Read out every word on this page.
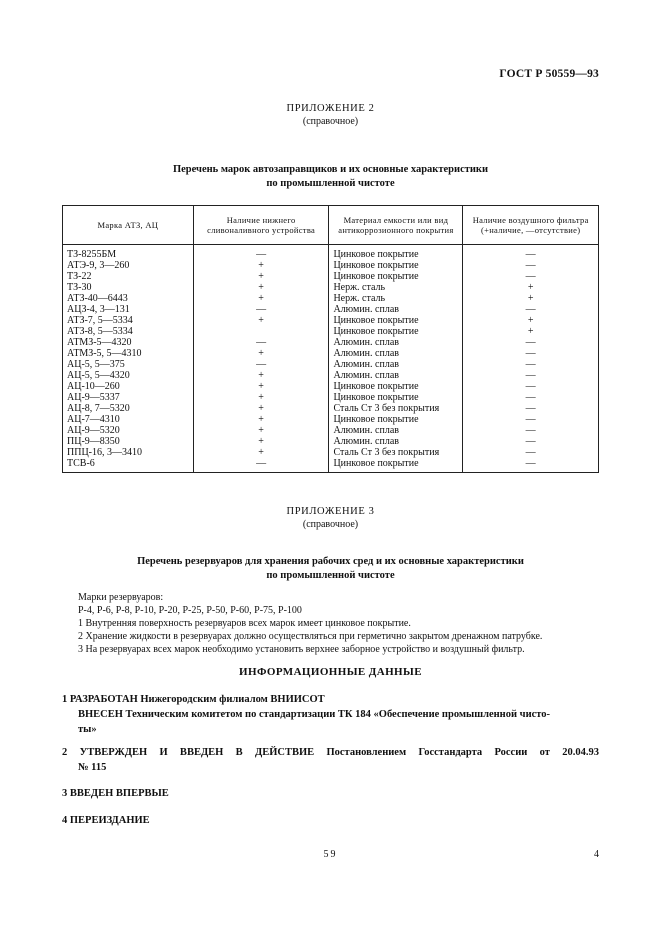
ГОСТ Р 50559—93
ПРИЛОЖЕНИЕ 2
(справочное)
Перечень марок автозаправщиков и их основные характеристики
по промышленной чистоте
Марка АТЗ, АЦ	Наличие нижнего сливоналивного устройства	Материал емкости или вид антикоррозионного покрытия	Наличие воздушного фильтра (+наличие, —отсутствие)
ТЗ-8255БМ	—	Цинковое покрытие	—
АТЭ-9, 3—260	+	Цинковое покрытие	—
ТЗ-22	+	Цинковое покрытие	—
ТЗ-30	+	Нерж. сталь	+
АТЗ-40—6443	+	Нерж. сталь	+
АЦЗ-4, 3—131	—	Алюмин. сплав	—
АТЗ-7, 5—5334	+	Цинковое покрытие	+
АТЗ-8, 5—5334		Цинковое покрытие	+
АТМЗ-5—4320	—	Алюмин. сплав	—
АТМЗ-5, 5—4310	+	Алюмин. сплав	—
АЦ-5, 5—375	—	Алюмин. сплав	—
АЦ-5, 5—4320	+	Алюмин. сплав	—
АЦ-10—260	+	Цинковое покрытие	—
АЦ-9—5337	+	Цинковое покрытие	—
АЦ-8, 7—5320	+	Сталь Ст 3 без покрытия	—
АЦ-7—4310	+	Цинковое покрытие	—
АЦ-9—5320	+	Алюмин. сплав	—
ПЦ-9—8350	+	Алюмин. сплав	—
ППЦ-16, 3—3410	+	Сталь Ст 3 без покрытия	—
ТСВ-6	—	Цинковое покрытие	—
ПРИЛОЖЕНИЕ 3
(справочное)
Перечень резервуаров для хранения рабочих сред и их основные характеристики
по промышленной чистоте
Марки резервуаров:
Р-4, Р-6, Р-8, Р-10, Р-20, Р-25, Р-50, Р-60, Р-75, Р-100
1 Внутренняя поверхность резервуаров всех марок имеет цинковое покрытие.
2 Хранение жидкости в резервуарах должно осуществляться при герметично закрытом дренажном патрубке.
3 На резервуарах всех марок необходимо установить верхнее заборное устройство и воздушный фильтр.
ИНФОРМАЦИОННЫЕ ДАННЫЕ
1 РАЗРАБОТАН Нижегородским филиалом ВНИИСОТ
ВНЕСЕН Техническим комитетом по стандартизации ТК 184 «Обеспечение промышленной чисто-
ты»
2 УТВЕРЖДЕН И ВВЕДЕН В ДЕЙСТВИЕ Постановлением Госстандарта России от 20.04.93
№ 115
3 ВВЕДЕН ВПЕРВЫЕ
4 ПЕРЕИЗДАНИЕ
59	4
